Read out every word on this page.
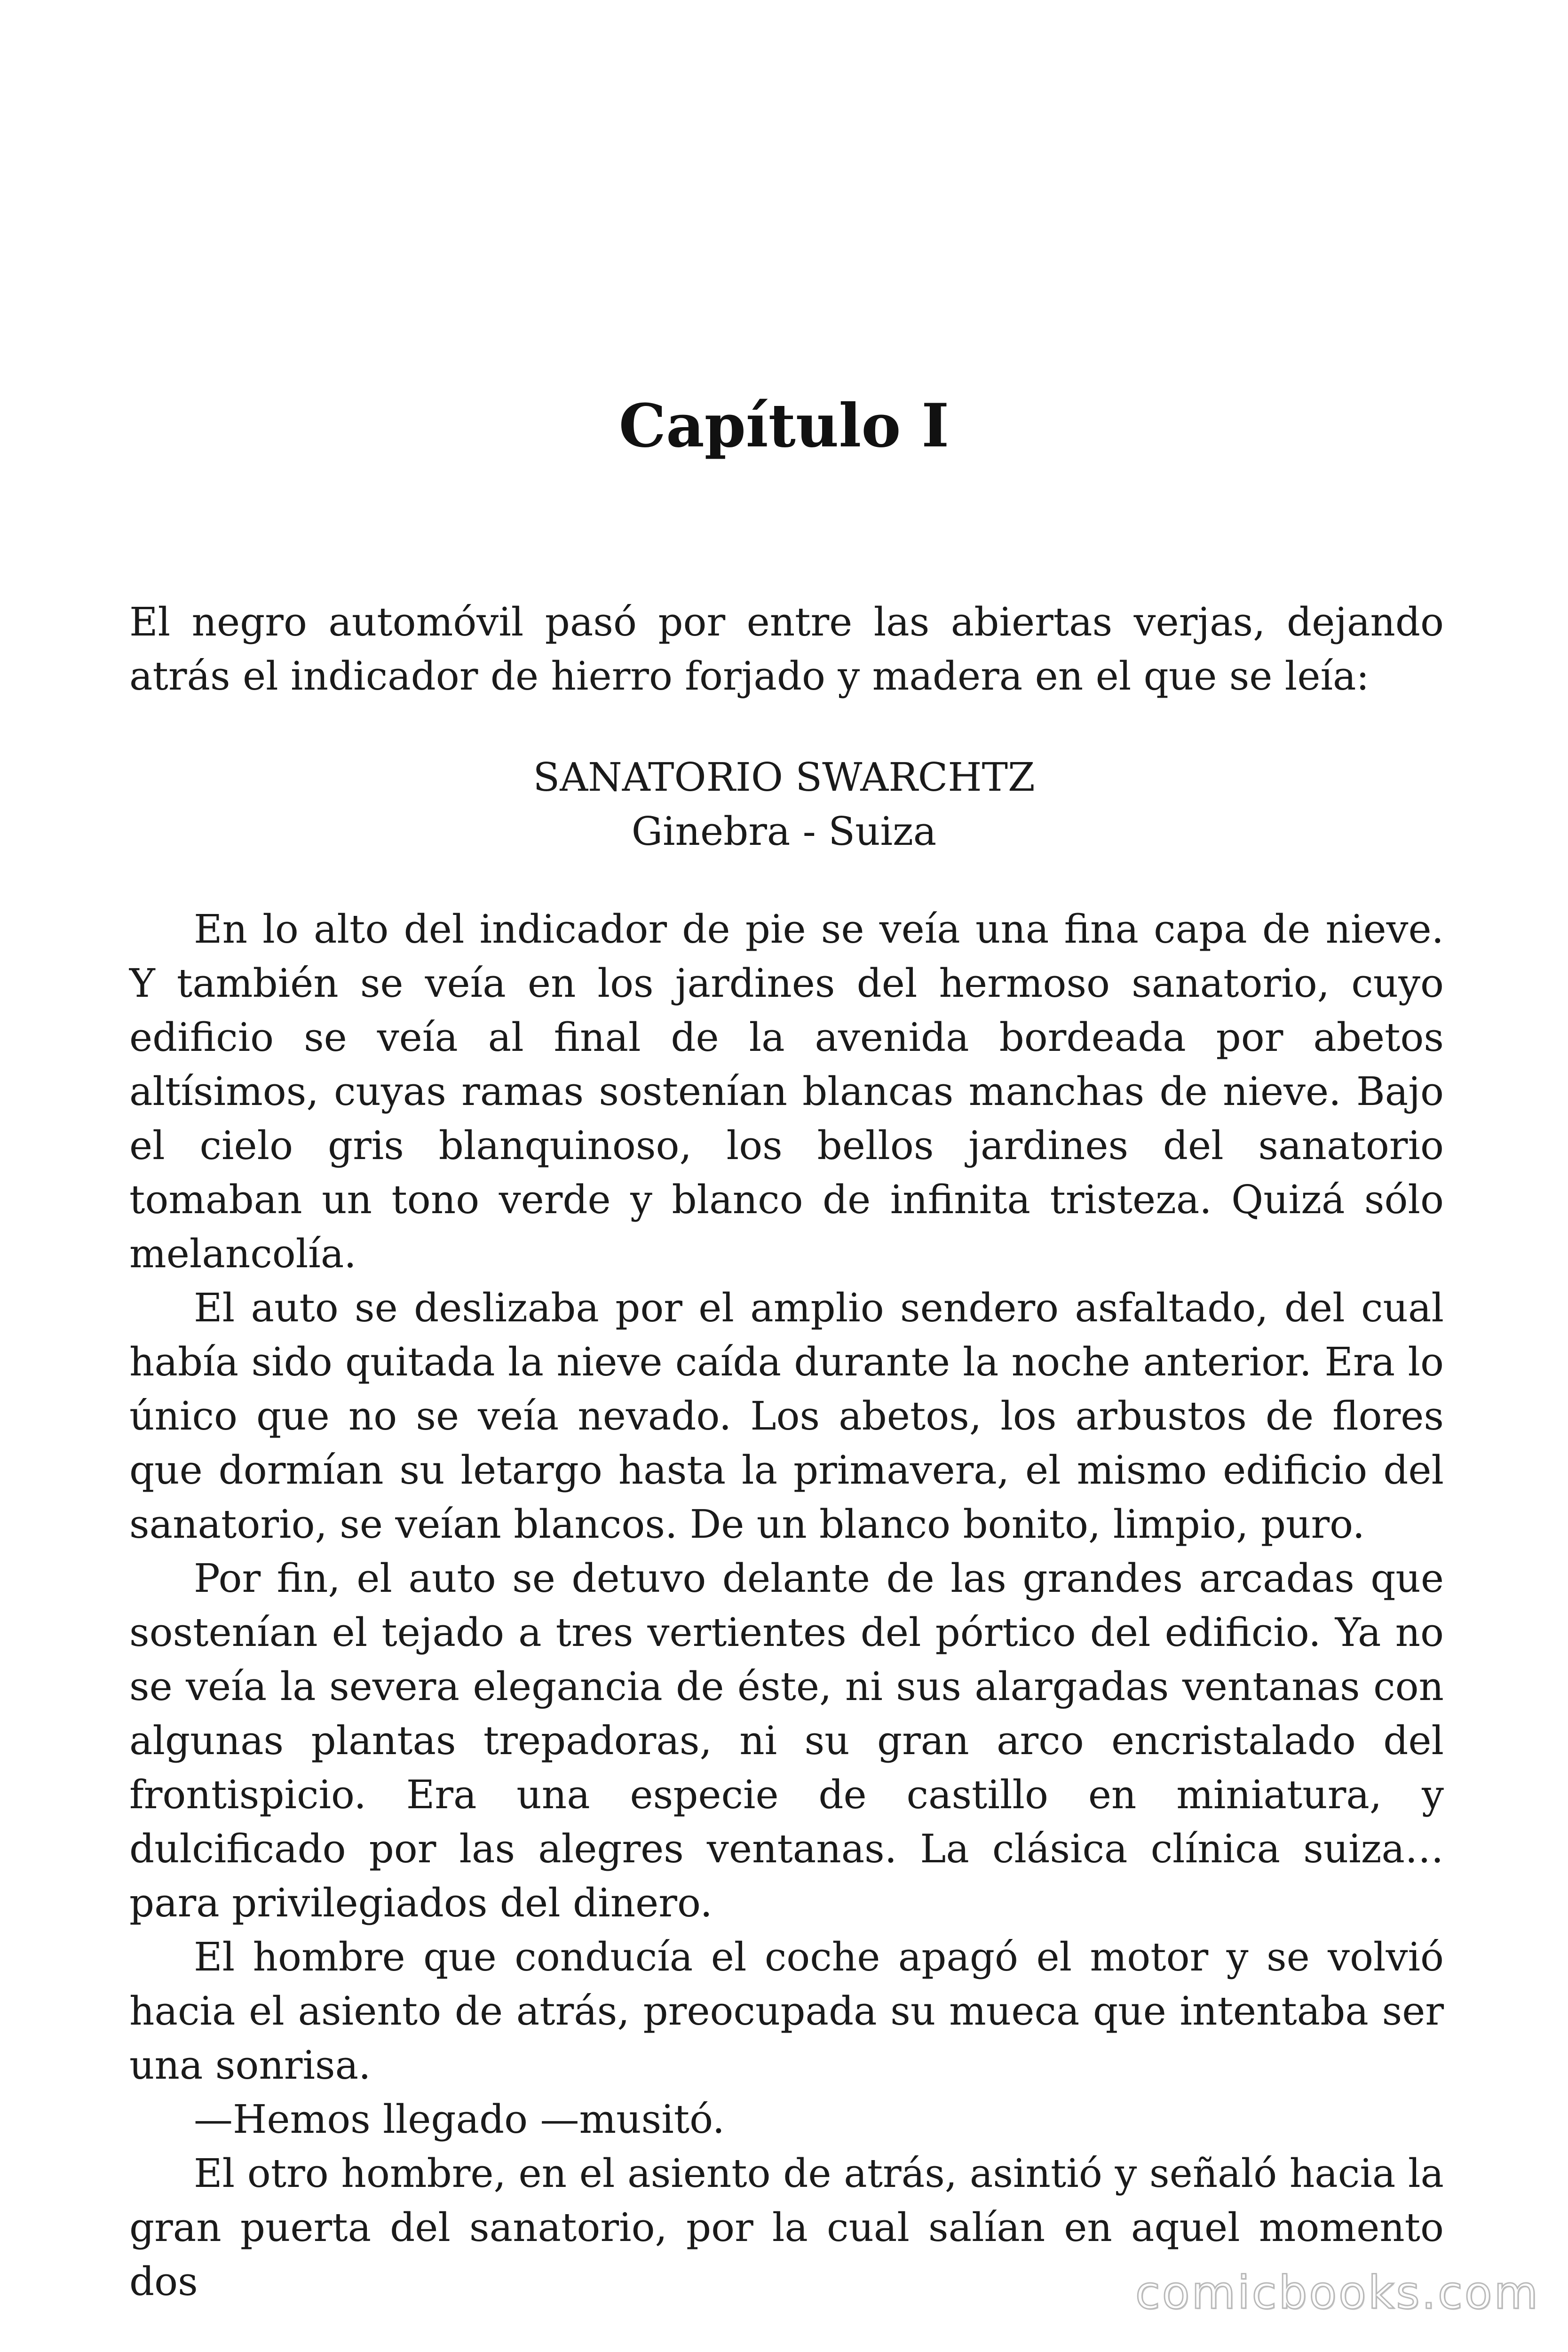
Capítulo I

El negro automóvil pasó por entre las abiertas verjas, dejando atrás el indicador de hierro forjado y madera en el que se leía:

SANATORIO SWARCHTZ
Ginebra - Suiza

En lo alto del indicador de pie se veía una fina capa de nieve. Y también se veía en los jardines del hermoso sanatorio, cuyo edificio se veía al final de la avenida bordeada por abetos altísimos, cuyas ramas sostenían blancas manchas de nieve. Bajo el cielo gris blanquinoso, los bellos jardines del sanatorio tomaban un tono verde y blanco de infinita tristeza. Quizá sólo melancolía.

El auto se deslizaba por el amplio sendero asfaltado, del cual había sido quitada la nieve caída durante la noche anterior. Era lo único que no se veía nevado. Los abetos, los arbustos de flores que dormían su letargo hasta la primavera, el mismo edificio del sanatorio, se veían blancos. De un blanco bonito, limpio, puro.

Por fin, el auto se detuvo delante de las grandes arcadas que sostenían el tejado a tres vertientes del pórtico del edificio. Ya no se veía la severa elegancia de éste, ni sus alargadas ventanas con algunas plantas trepadoras, ni su gran arco encristalado del frontispicio. Era una especie de castillo en miniatura, y dulcificado por las alegres ventanas. La clásica clínica suiza… para privilegiados del dinero.

El hombre que conducía el coche apagó el motor y se volvió hacia el asiento de atrás, preocupada su mueca que intentaba ser una sonrisa.

—Hemos llegado —musitó.

El otro hombre, en el asiento de atrás, asintió y señaló hacia la gran puerta del sanatorio, por la cual salían en aquel momento dos	comicbooks.com
